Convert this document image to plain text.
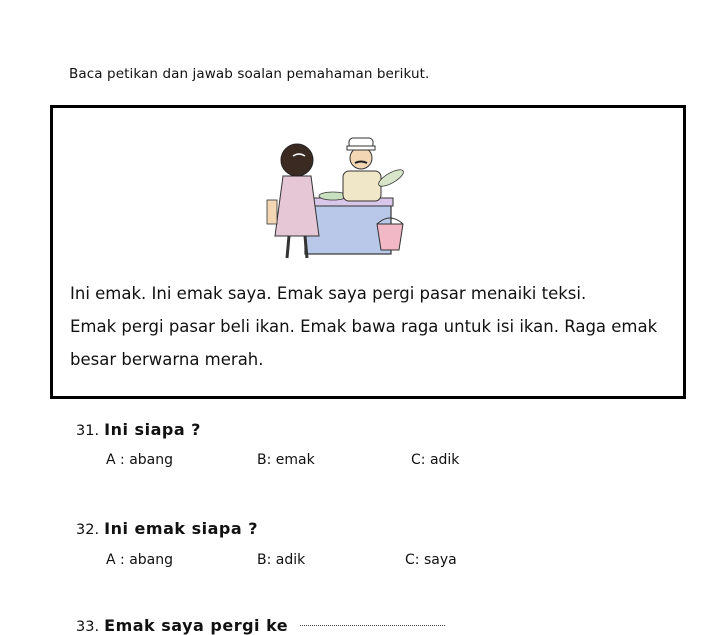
Baca petikan dan jawab soalan pemahaman berikut.
Ini emak. Ini emak saya. Emak saya pergi pasar menaiki teksi.
Emak pergi pasar beli ikan. Emak bawa raga untuk isi ikan. Raga emak
besar berwarna merah.
31. Ini siapa ?
A : abang	B: emak	C: adik
32. Ini emak siapa ?
A : abang	B: adik	C: saya
33. Emak saya pergi ke
